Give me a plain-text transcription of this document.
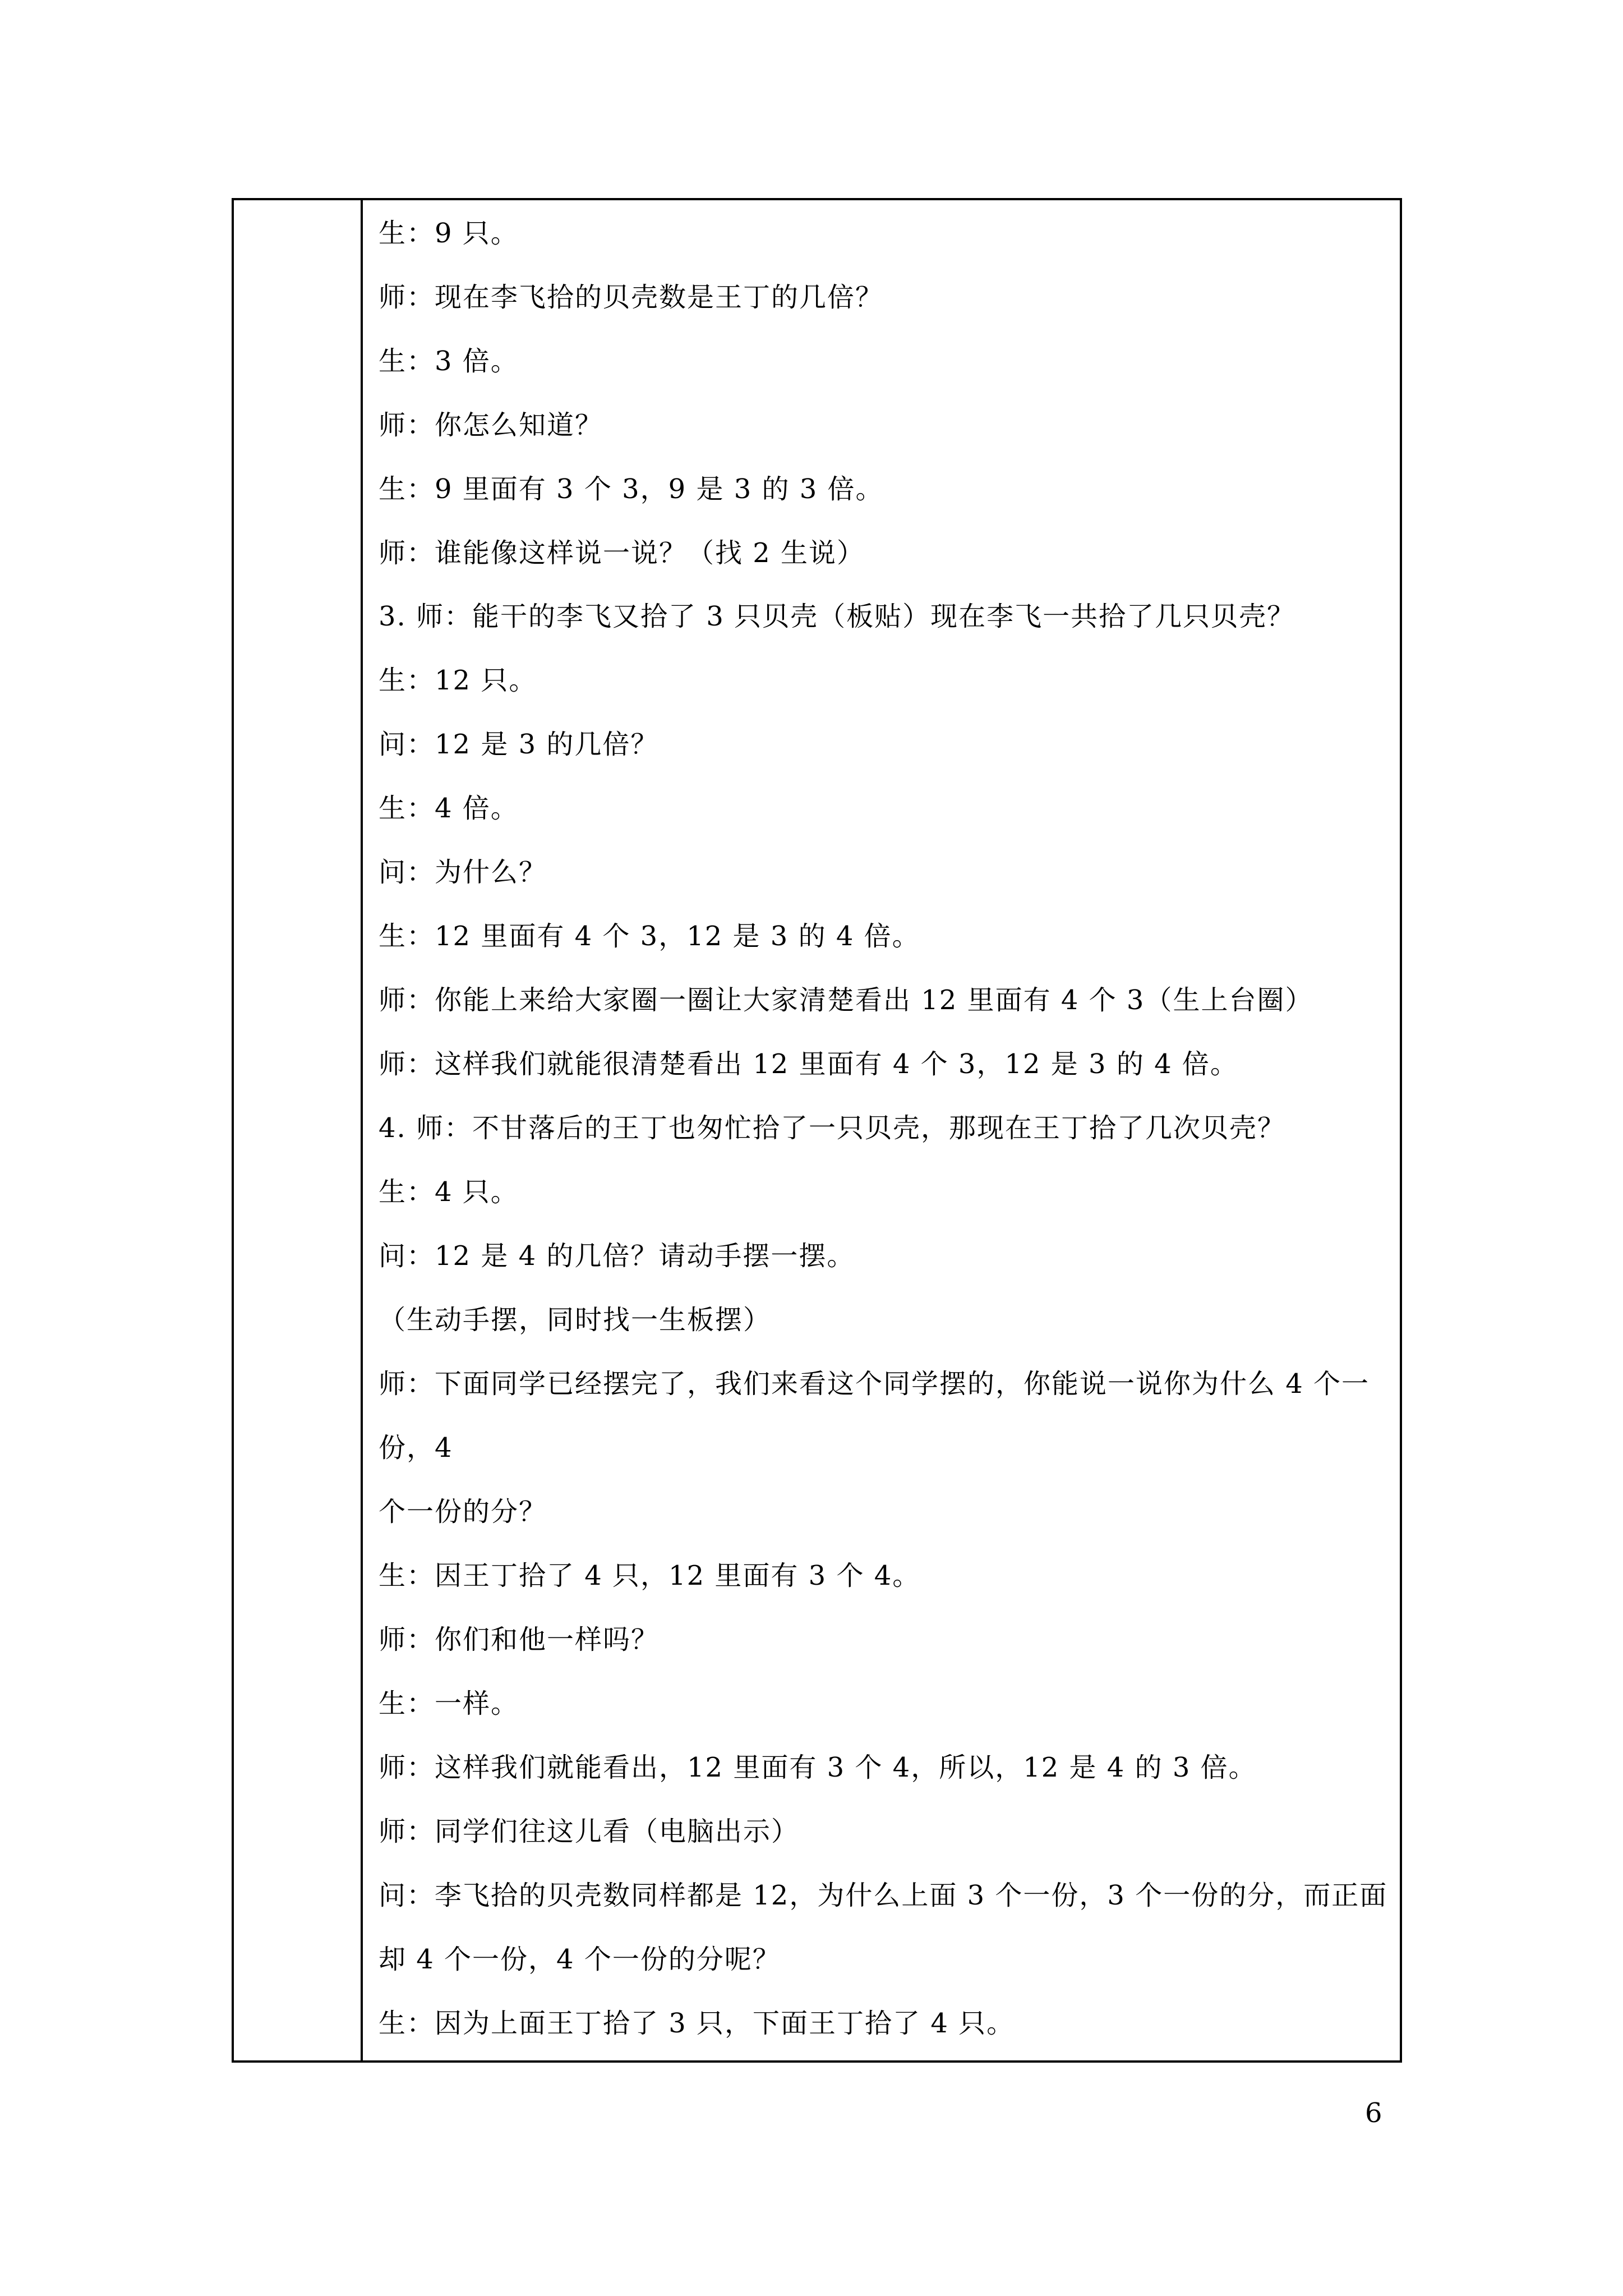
生：9 只。
师：现在李飞拾的贝壳数是王丁的几倍？
生：3 倍。
师：你怎么知道？
生：9 里面有 3 个 3，9 是 3 的 3 倍。
师：谁能像这样说一说？（找 2 生说）
3. 师：能干的李飞又拾了 3 只贝壳（板贴）现在李飞一共拾了几只贝壳？
生：12 只。
问：12 是 3 的几倍？
生：4 倍。
问：为什么？
生：12 里面有 4 个 3，12 是 3 的 4 倍。
师：你能上来给大家圈一圈让大家清楚看出 12 里面有 4 个 3（生上台圈）
师：这样我们就能很清楚看出 12 里面有 4 个 3，12 是 3 的 4 倍。
4. 师：不甘落后的王丁也匆忙拾了一只贝壳，那现在王丁拾了几次贝壳？
生：4 只。
问：12 是 4 的几倍？请动手摆一摆。
（生动手摆，同时找一生板摆）
师：下面同学已经摆完了，我们来看这个同学摆的，你能说一说你为什么 4 个一
份，4
个一份的分？
生：因王丁拾了 4 只，12 里面有 3 个 4。
师：你们和他一样吗？
生：一样。
师：这样我们就能看出，12 里面有 3 个 4，所以，12 是 4 的 3 倍。
师：同学们往这儿看（电脑出示）
问：李飞拾的贝壳数同样都是 12，为什么上面 3 个一份，3 个一份的分，而正面
却 4 个一份，4 个一份的分呢？
生：因为上面王丁拾了 3 只，下面王丁拾了 4 只。
6
